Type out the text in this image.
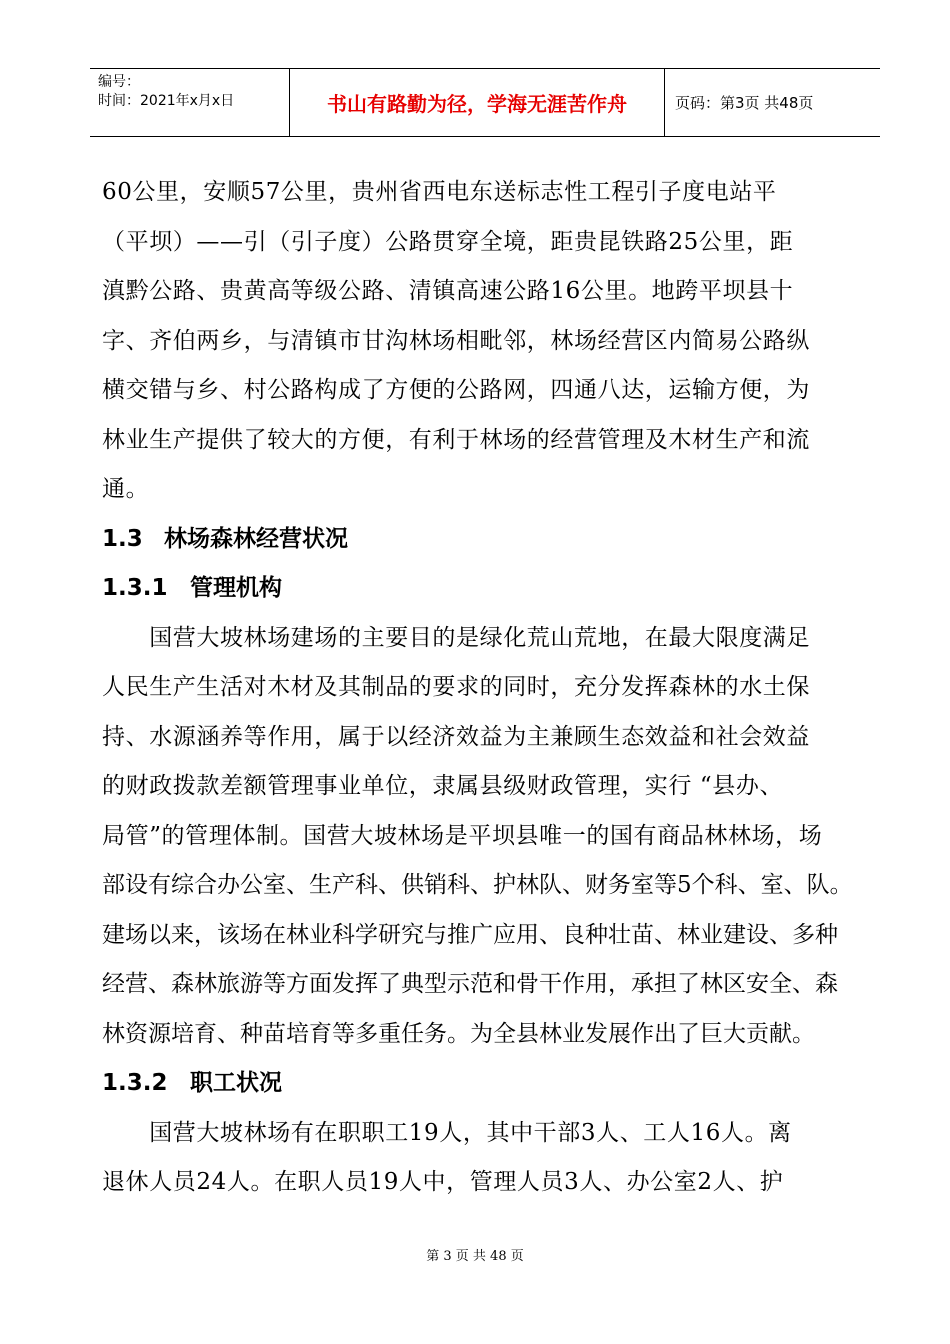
编号：
时间：2021年x月x日	书山有路勤为径，学海无涯苦作舟	页码：第3页 共48页

60公里，安顺57公里，贵州省西电东送标志性工程引子度电站平

（平坝）——引（引子度）公路贯穿全境，距贵昆铁路25公里，距

滇黔公路、贵黄高等级公路、清镇高速公路16公里。地跨平坝县十

字、齐伯两乡，与清镇市甘沟林场相毗邻，林场经营区内简易公路纵

横交错与乡、村公路构成了方便的公路网，四通八达，运输方便，为

林业生产提供了较大的方便，有利于林场的经营管理及木材生产和流

通。

1.3 林场森林经营状况
1.3.1 管理机构

　　国营大坡林场建场的主要目的是绿化荒山荒地，在最大限度满足

人民生产生活对木材及其制品的要求的同时，充分发挥森林的水土保

持、水源涵养等作用，属于以经济效益为主兼顾生态效益和社会效益

的财政拨款差额管理事业单位，隶属县级财政管理，实行 “县办、

局管”的管理体制。国营大坡林场是平坝县唯一的国有商品林林场，场

部设有综合办公室、生产科、供销科、护林队、财务室等5个科、室、队。

建场以来，该场在林业科学研究与推广应用、良种壮苗、林业建设、多种

经营、森林旅游等方面发挥了典型示范和骨干作用，承担了林区安全、森

林资源培育、种苗培育等多重任务。为全县林业发展作出了巨大贡献。

1.3.2 职工状况

　　国营大坡林场有在职职工19人，其中干部3人、工人16人。离

退休人员24人。在职人员19人中，管理人员3人、办公室2人、护

第 3 页 共 48 页
